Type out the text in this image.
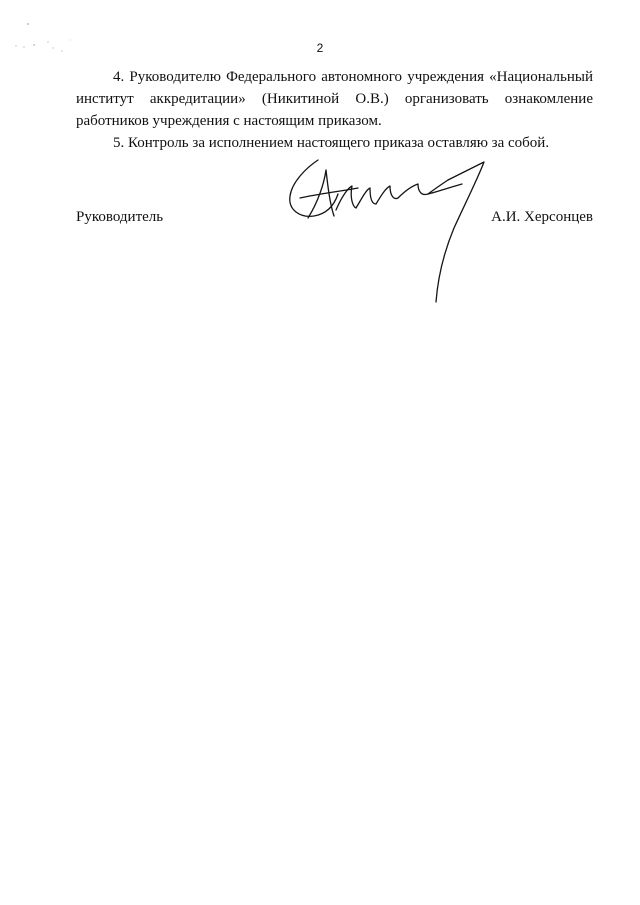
2

4. Руководителю Федерального автономного учреждения «Национальный институт аккредитации» (Никитиной О.В.) организовать ознакомление работников учреждения с настоящим приказом.

5. Контроль за исполнением настоящего приказа оставляю за собой.

Руководитель	А.И. Херсонцев
